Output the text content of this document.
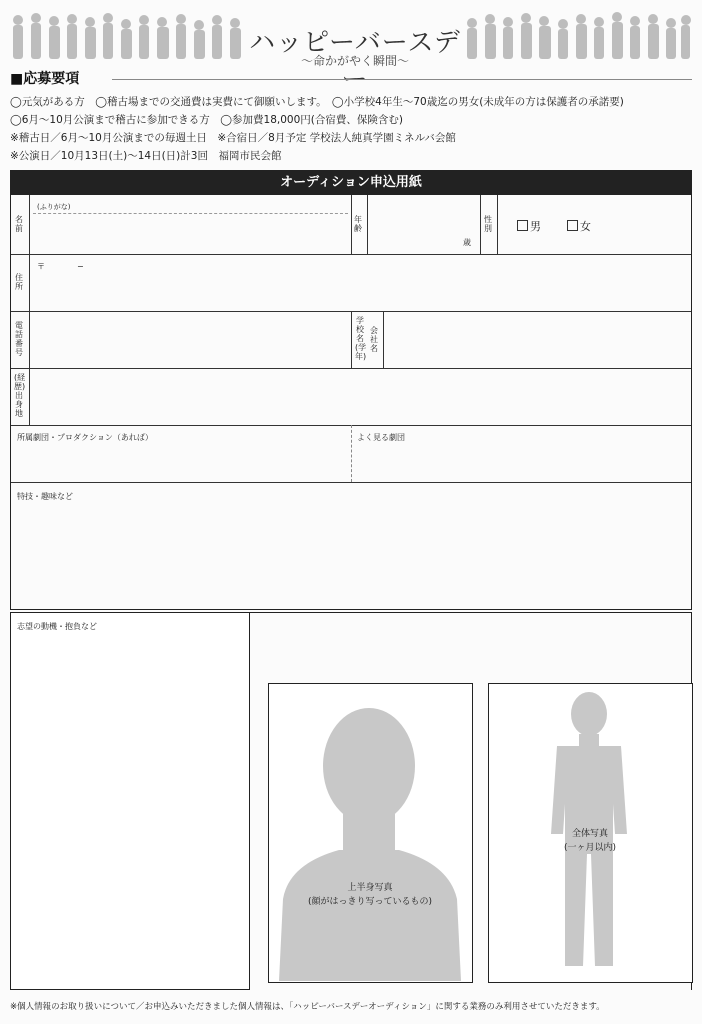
ハッピーバースデー
〜命かがやく瞬間〜
■応募要項
◯元気がある方　◯稽古場までの交通費は実費にて御願いします。　◯小学校4年生〜70歳迄の男女(未成年の方は保護者の承諾要)
◯6月〜10月公演まで稽古に参加できる方　◯参加費18,000円(合宿費、保険含む)
※稽古日／6月〜10月公演までの毎週土日　※合宿日／8月予定 学校法人純真学園ミネルバ会館
※公演日／10月13日(土)〜14日(日)計3回　福岡市民会館
オーディション申込用紙
名前
(ふりがな)
年齢
歳
性別	男	女
住所
〒　　　　−
電話番号
学校名(学年)
会社名
(経歴)出身地
所属劇団・プロダクション（あれば）	よく見る劇団
特技・趣味など
志望の動機・抱負など
上半身写真
(顔がはっきり写っているもの)
全体写真
(一ヶ月以内)
※個人情報のお取り扱いについて／お申込みいただきました個人情報は、「ハッピーバースデーオーディション」に関する業務のみ利用させていただきます。
